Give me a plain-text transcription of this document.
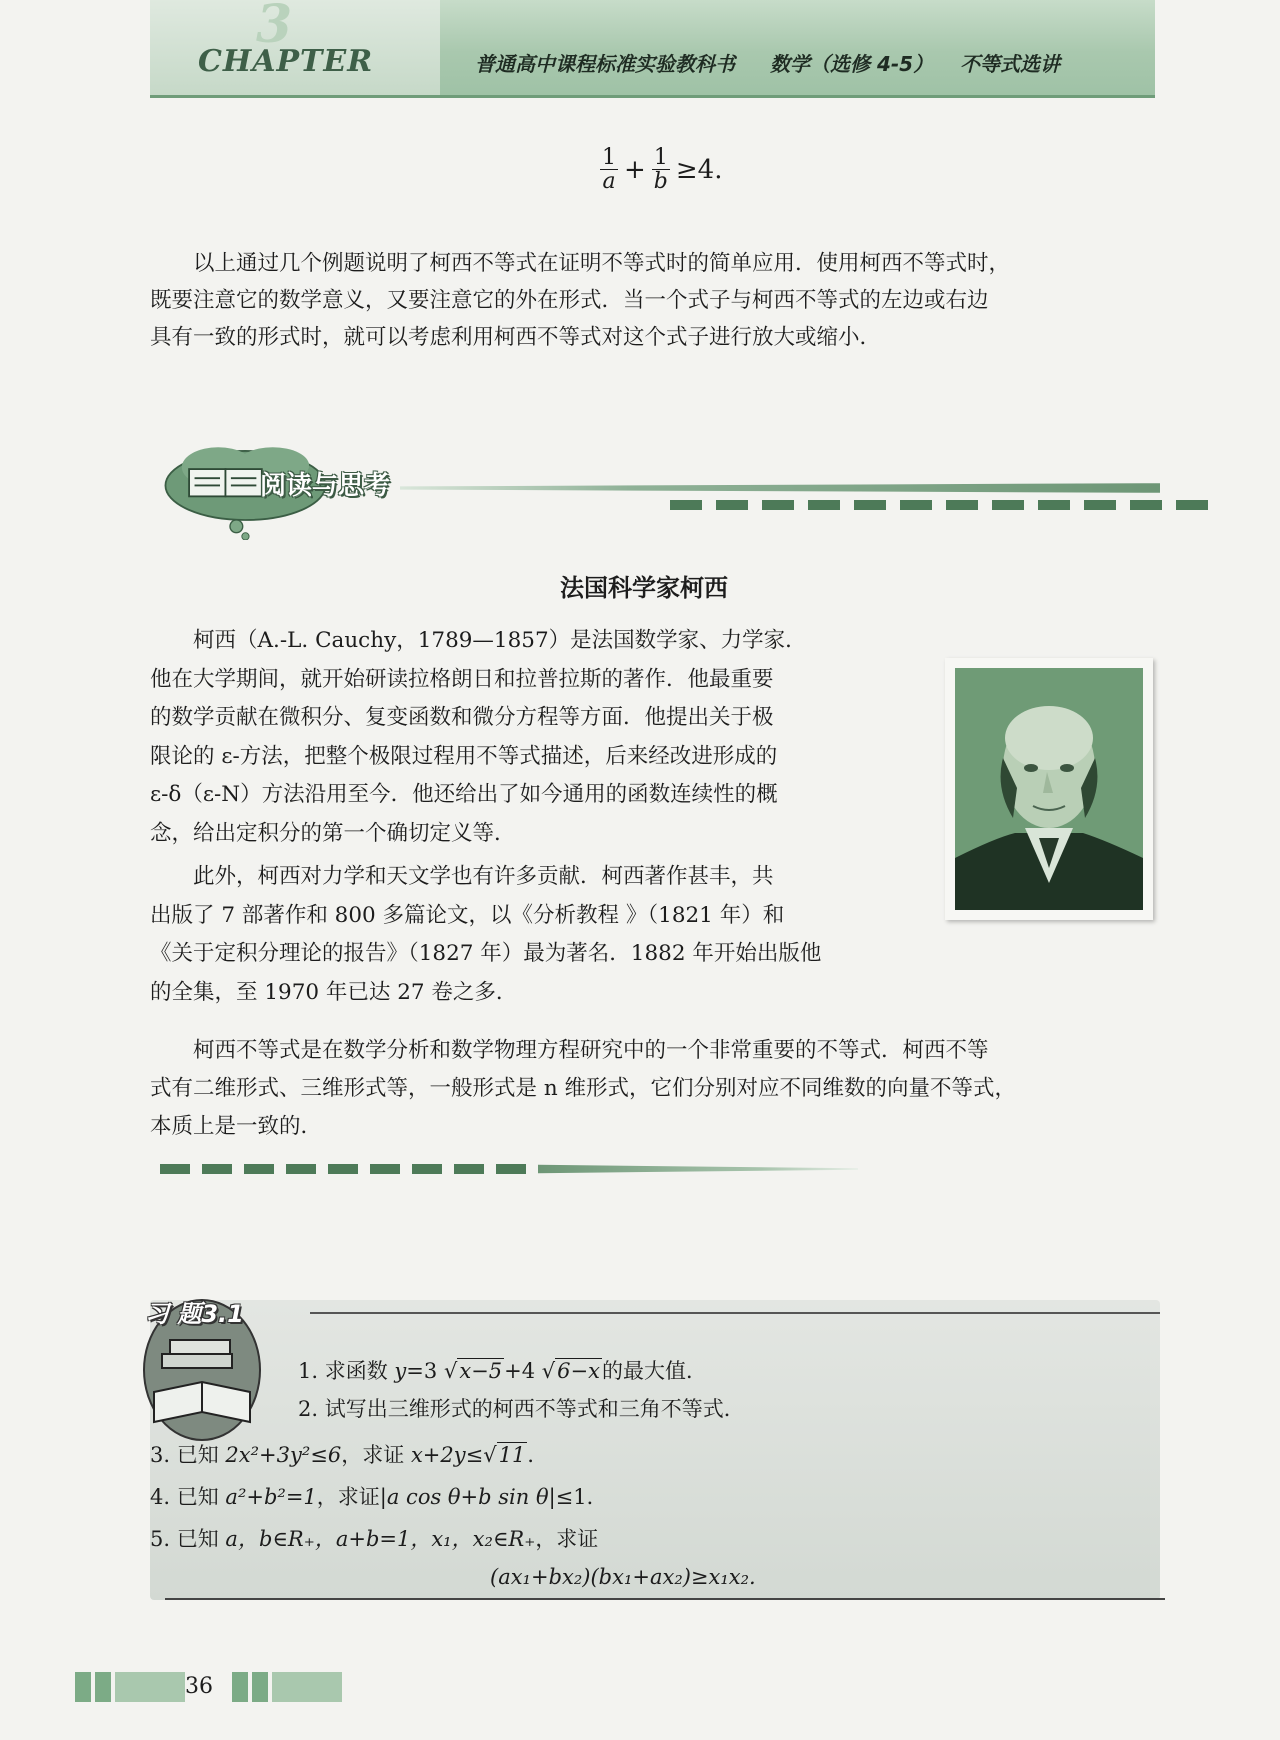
3
CHAPTER	普通高中课程标准实验教科书 数学（选修 4-5） 不等式选讲
$\frac{1}{a} + \frac{1}{b} \ge 4$.
以上通过几个例题说明了柯西不等式在证明不等式时的简单应用．使用柯西不等式时，
既要注意它的数学意义，又要注意它的外在形式．当一个式子与柯西不等式的左边或右边
具有一致的形式时，就可以考虑利用柯西不等式对这个式子进行放大或缩小．
阅读与思考
法国科学家柯西
柯西（A.-L. Cauchy，1789—1857）是法国数学家、力学家．
他在大学期间，就开始研读拉格朗日和拉普拉斯的著作．他最重要
的数学贡献在微积分、复变函数和微分方程等方面．他提出关于极
限论的 ε-方法，把整个极限过程用不等式描述，后来经改进形成的
ε-δ（ε-N）方法沿用至今．他还给出了如今通用的函数连续性的概
念，给出定积分的第一个确切定义等．
此外，柯西对力学和天文学也有许多贡献．柯西著作甚丰，共
出版了 7 部著作和 800 多篇论文，以《分析教程 》（1821 年）和
《关于定积分理论的报告》（1827 年）最为著名．1882 年开始出版他
的全集，至 1970 年已达 27 卷之多．
柯西不等式是在数学分析和数学物理方程研究中的一个非常重要的不等式．柯西不等
式有二维形式、三维形式等，一般形式是 n 维形式，它们分别对应不同维数的向量不等式，
本质上是一致的．
习 题3.1
1. 求函数 y=3 √x−5+4 √6−x的最大值．
2. 试写出三维形式的柯西不等式和三角不等式．
3. 已知 2x²+3y²≤6，求证 x+2y≤√11．
4. 已知 a²+b²=1，求证|a cos θ+b sin θ|≤1．
5. 已知 a，b∈R₊，a+b=1，x₁，x₂∈R₊，求证
(ax₁+bx₂)(bx₁+ax₂)≥x₁x₂.
36
